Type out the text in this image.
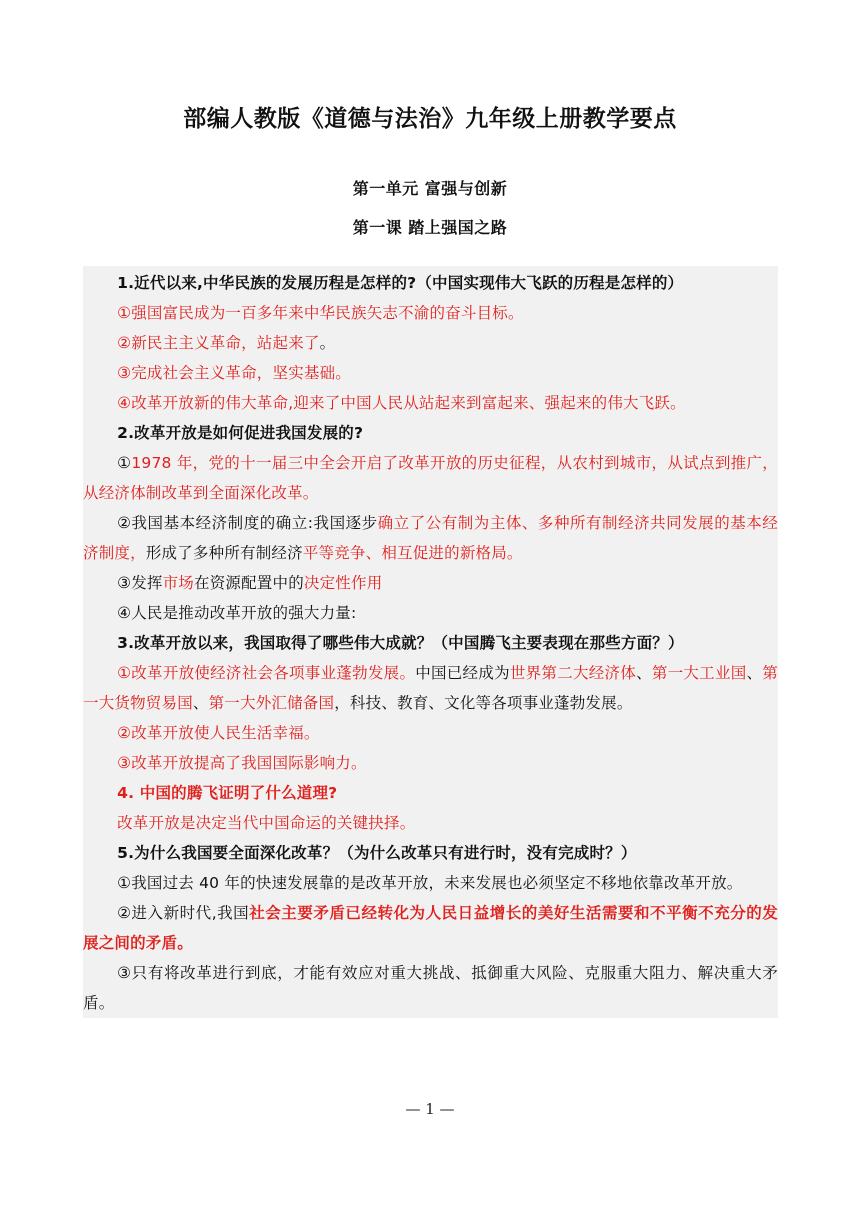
部编人教版《道德与法治》九年级上册教学要点
第一单元 富强与创新
第一课 踏上强国之路

1.近代以来,中华民族的发展历程是怎样的?（中国实现伟大飞跃的历程是怎样的）

①强国富民成为一百多年来中华民族矢志不渝的奋斗目标。

②新民主主义革命，站起来了。

③完成社会主义革命，坚实基础。

④改革开放新的伟大革命,迎来了中国人民从站起来到富起来、强起来的伟大飞跃。

2.改革开放是如何促进我国发展的?

①1978 年，党的十一届三中全会开启了改革开放的历史征程，从农村到城市，从试点到推广，从经济体制改革到全面深化改革。

②我国基本经济制度的确立:我国逐步确立了公有制为主体、多种所有制经济共同发展的基本经济制度，形成了多种所有制经济平等竞争、相互促进的新格局。

③发挥市场在资源配置中的决定性作用

④人民是推动改革开放的强大力量:

3.改革开放以来，我国取得了哪些伟大成就？（中国腾飞主要表现在那些方面？）

①改革开放使经济社会各项事业蓬勃发展。中国已经成为世界第二大经济体、第一大工业国、第一大货物贸易国、第一大外汇储备国，科技、教育、文化等各项事业蓬勃发展。

②改革开放使人民生活幸福。

③改革开放提高了我国国际影响力。

4. 中国的腾飞证明了什么道理?

改革开放是决定当代中国命运的关键抉择。

5.为什么我国要全面深化改革？（为什么改革只有进行时，没有完成时？）

①我国过去 40 年的快速发展靠的是改革开放，未来发展也必须坚定不移地依靠改革开放。

②进入新时代,我国社会主要矛盾已经转化为人民日益增长的美好生活需要和不平衡不充分的发展之间的矛盾。

③只有将改革进行到底，才能有效应对重大挑战、抵御重大风险、克服重大阻力、解决重大矛盾。

— 1 —
